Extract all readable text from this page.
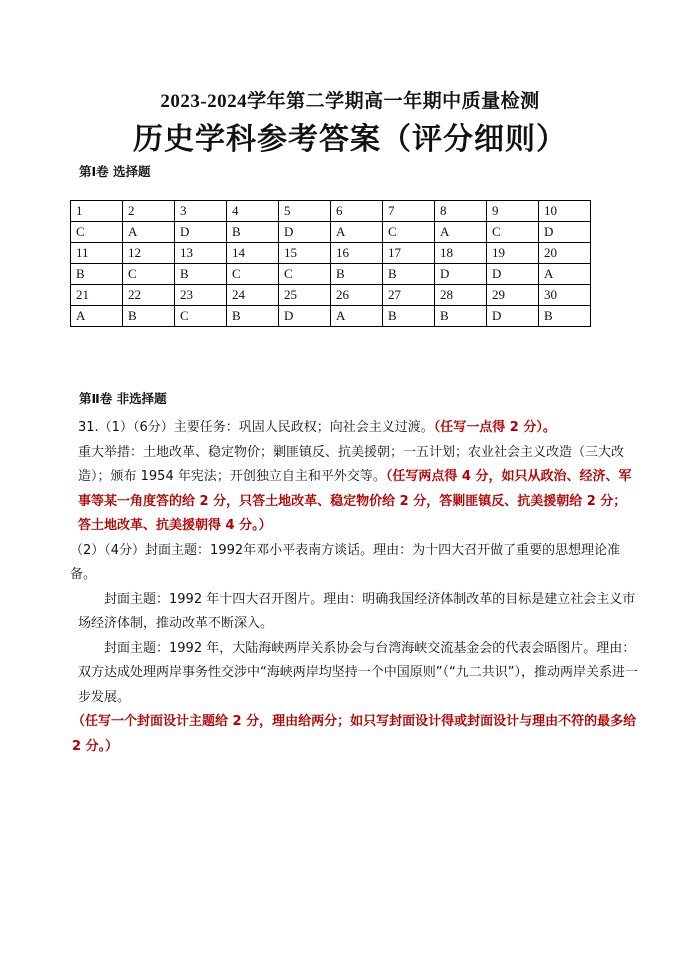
2023-2024学年第二学期高一年期中质量检测
历史学科参考答案（评分细则）
第Ⅰ卷 选择题
1	2	3	4	5	6	7	8	9	10
C	A	D	B	D	A	C	A	C	D
11	12	13	14	15	16	17	18	19	20
B	C	B	C	C	B	B	D	D	A
21	22	23	24	25	26	27	28	29	30
A	B	C	B	D	A	B	B	D	B
第Ⅱ卷 非选择题

31.（1）（6分）主要任务：巩固人民政权；向社会主义过渡。（任写一点得 2 分）。

重大举措：土地改革、稳定物价；剿匪镇反、抗美援朝；一五计划；农业社会主义改造（三大改造）；颁布 1954 年宪法；开创独立自主和平外交等。（任写两点得 4 分，如只从政治、经济、军事等某一角度答的给 2 分，只答土地改革、稳定物价给 2 分，答剿匪镇反、抗美援朝给 2 分；答土地改革、抗美援朝得 4 分。）

（2）（4分）封面主题：1992年邓小平表南方谈话。理由：为十四大召开做了重要的思想理论准备。

封面主题：1992 年十四大召开图片。理由：明确我国经济体制改革的目标是建立社会主义市场经济体制，推动改革不断深入。

封面主题：1992 年，大陆海峡两岸关系协会与台湾海峡交流基金会的代表会晤图片。理由：双方达成处理两岸事务性交涉中“海峡两岸均坚持一个中国原则”（“九二共识”），推动两岸关系进一步发展。

（任写一个封面设计主题给 2 分，理由给两分；如只写封面设计得或封面设计与理由不符的最多给 2 分。）
